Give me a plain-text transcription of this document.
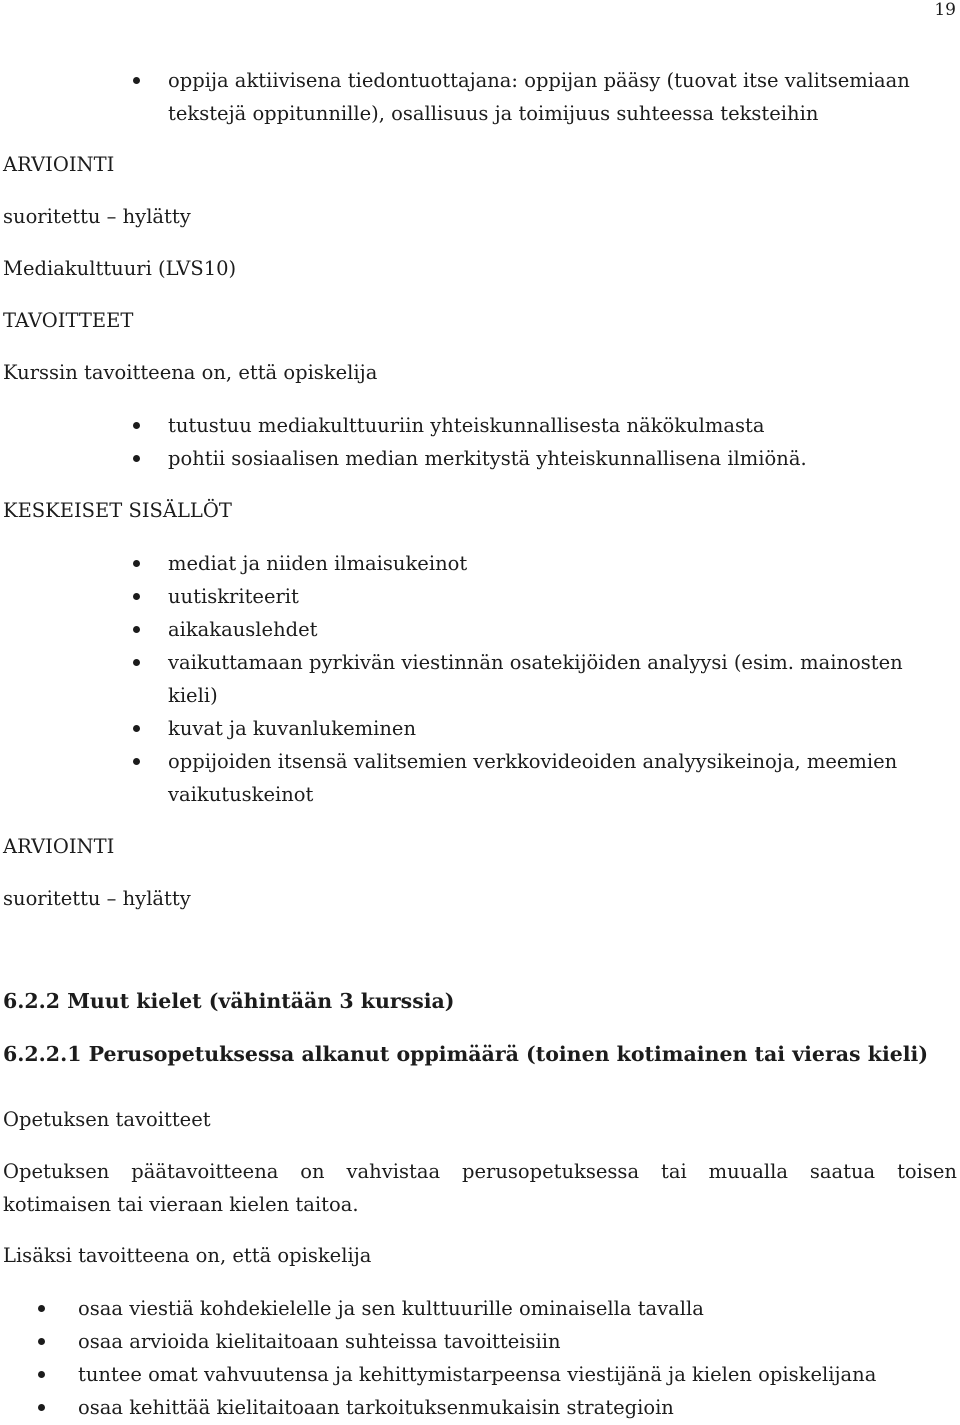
19
oppija aktiivisena tiedontuottajana: oppijan pääsy (tuovat itse valitsemiaan tekstejä oppitunnille), osallisuus ja toimijuus suhteessa teksteihin
ARVIOINTI
suoritettu – hylätty
Mediakulttuuri (LVS10)
TAVOITTEET
Kurssin tavoitteena on, että opiskelija
tutustuu mediakulttuuriin yhteiskunnallisesta näkökulmasta
pohtii sosiaalisen median merkitystä yhteiskunnallisena ilmiönä.
KESKEISET SISÄLLÖT
mediat ja niiden ilmaisukeinot
uutiskriteerit
aikakauslehdet
vaikuttamaan pyrkivän viestinnän osatekijöiden analyysi (esim. mainosten kieli)
kuvat ja kuvanlukeminen
oppijoiden itsensä valitsemien verkkovideoiden analyysikeinoja, meemien vaikutuskeinot
ARVIOINTI
suoritettu – hylätty
6.2.2 Muut kielet (vähintään 3 kurssia)
6.2.2.1 Perusopetuksessa alkanut oppimäärä (toinen kotimainen tai vieras kieli)
Opetuksen tavoitteet
Opetuksen päätavoitteena on vahvistaa perusopetuksessa tai muualla saatua toisen
kotimaisen tai vieraan kielen taitoa.
Lisäksi tavoitteena on, että opiskelija
osaa viestiä kohdekielelle ja sen kulttuurille ominaisella tavalla
osaa arvioida kielitaitoaan suhteissa tavoitteisiin
tuntee omat vahvuutensa ja kehittymistarpeensa viestijänä ja kielen opiskelijana
osaa kehittää kielitaitoaan tarkoituksenmukaisin strategioin
